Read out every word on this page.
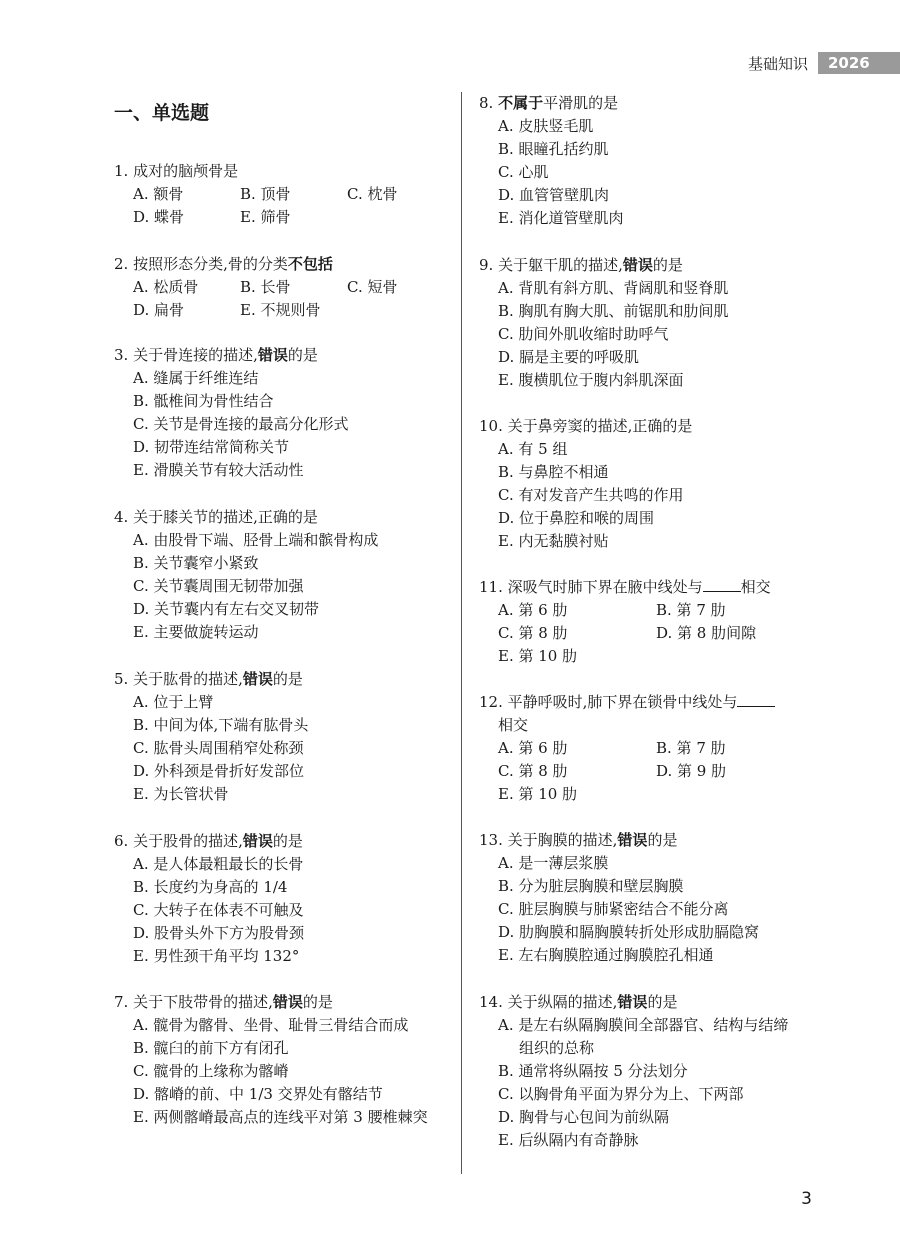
基础知识	2026
一、单选题
1. 成对的脑颅骨是
A. 额骨	B. 顶骨	C. 枕骨
D. 蝶骨	E. 筛骨
2. 按照形态分类,骨的分类不包括
A. 松质骨	B. 长骨	C. 短骨
D. 扁骨	E. 不规则骨
3. 关于骨连接的描述,错误的是
A. 缝属于纤维连结
B. 骶椎间为骨性结合
C. 关节是骨连接的最高分化形式
D. 韧带连结常简称关节
E. 滑膜关节有较大活动性
4. 关于膝关节的描述,正确的是
A. 由股骨下端、胫骨上端和髌骨构成
B. 关节囊窄小紧致
C. 关节囊周围无韧带加强
D. 关节囊内有左右交叉韧带
E. 主要做旋转运动
5. 关于肱骨的描述,错误的是
A. 位于上臂
B. 中间为体,下端有肱骨头
C. 肱骨头周围稍窄处称颈
D. 外科颈是骨折好发部位
E. 为长管状骨
6. 关于股骨的描述,错误的是
A. 是人体最粗最长的长骨
B. 长度约为身高的 1/4
C. 大转子在体表不可触及
D. 股骨头外下方为股骨颈
E. 男性颈干角平均 132°
7. 关于下肢带骨的描述,错误的是
A. 髋骨为髂骨、坐骨、耻骨三骨结合而成
B. 髋臼的前下方有闭孔
C. 髋骨的上缘称为髂嵴
D. 髂嵴的前、中 1/3 交界处有髂结节
E. 两侧髂嵴最高点的连线平对第 3 腰椎棘突
8. 不属于平滑肌的是
A. 皮肤竖毛肌
B. 眼瞳孔括约肌
C. 心肌
D. 血管管壁肌肉
E. 消化道管壁肌肉
9. 关于躯干肌的描述,错误的是
A. 背肌有斜方肌、背阔肌和竖脊肌
B. 胸肌有胸大肌、前锯肌和肋间肌
C. 肋间外肌收缩时助呼气
D. 膈是主要的呼吸肌
E. 腹横肌位于腹内斜肌深面
10. 关于鼻旁窦的描述,正确的是
A. 有 5 组
B. 与鼻腔不相通
C. 有对发音产生共鸣的作用
D. 位于鼻腔和喉的周围
E. 内无黏膜衬贴
11. 深吸气时肺下界在腋中线处与	相交
A. 第 6 肋	B. 第 7 肋
C. 第 8 肋	D. 第 8 肋间隙
E. 第 10 肋
12. 平静呼吸时,肺下界在锁骨中线处与
相交
A. 第 6 肋	B. 第 7 肋
C. 第 8 肋	D. 第 9 肋
E. 第 10 肋
13. 关于胸膜的描述,错误的是
A. 是一薄层浆膜
B. 分为脏层胸膜和壁层胸膜
C. 脏层胸膜与肺紧密结合不能分离
D. 肋胸膜和膈胸膜转折处形成肋膈隐窝
E. 左右胸膜腔通过胸膜腔孔相通
14. 关于纵隔的描述,错误的是
A. 是左右纵隔胸膜间全部器官、结构与结缔组织的总称
B. 通常将纵隔按 5 分法划分
C. 以胸骨角平面为界分为上、下两部
D. 胸骨与心包间为前纵隔
E. 后纵隔内有奇静脉
3
